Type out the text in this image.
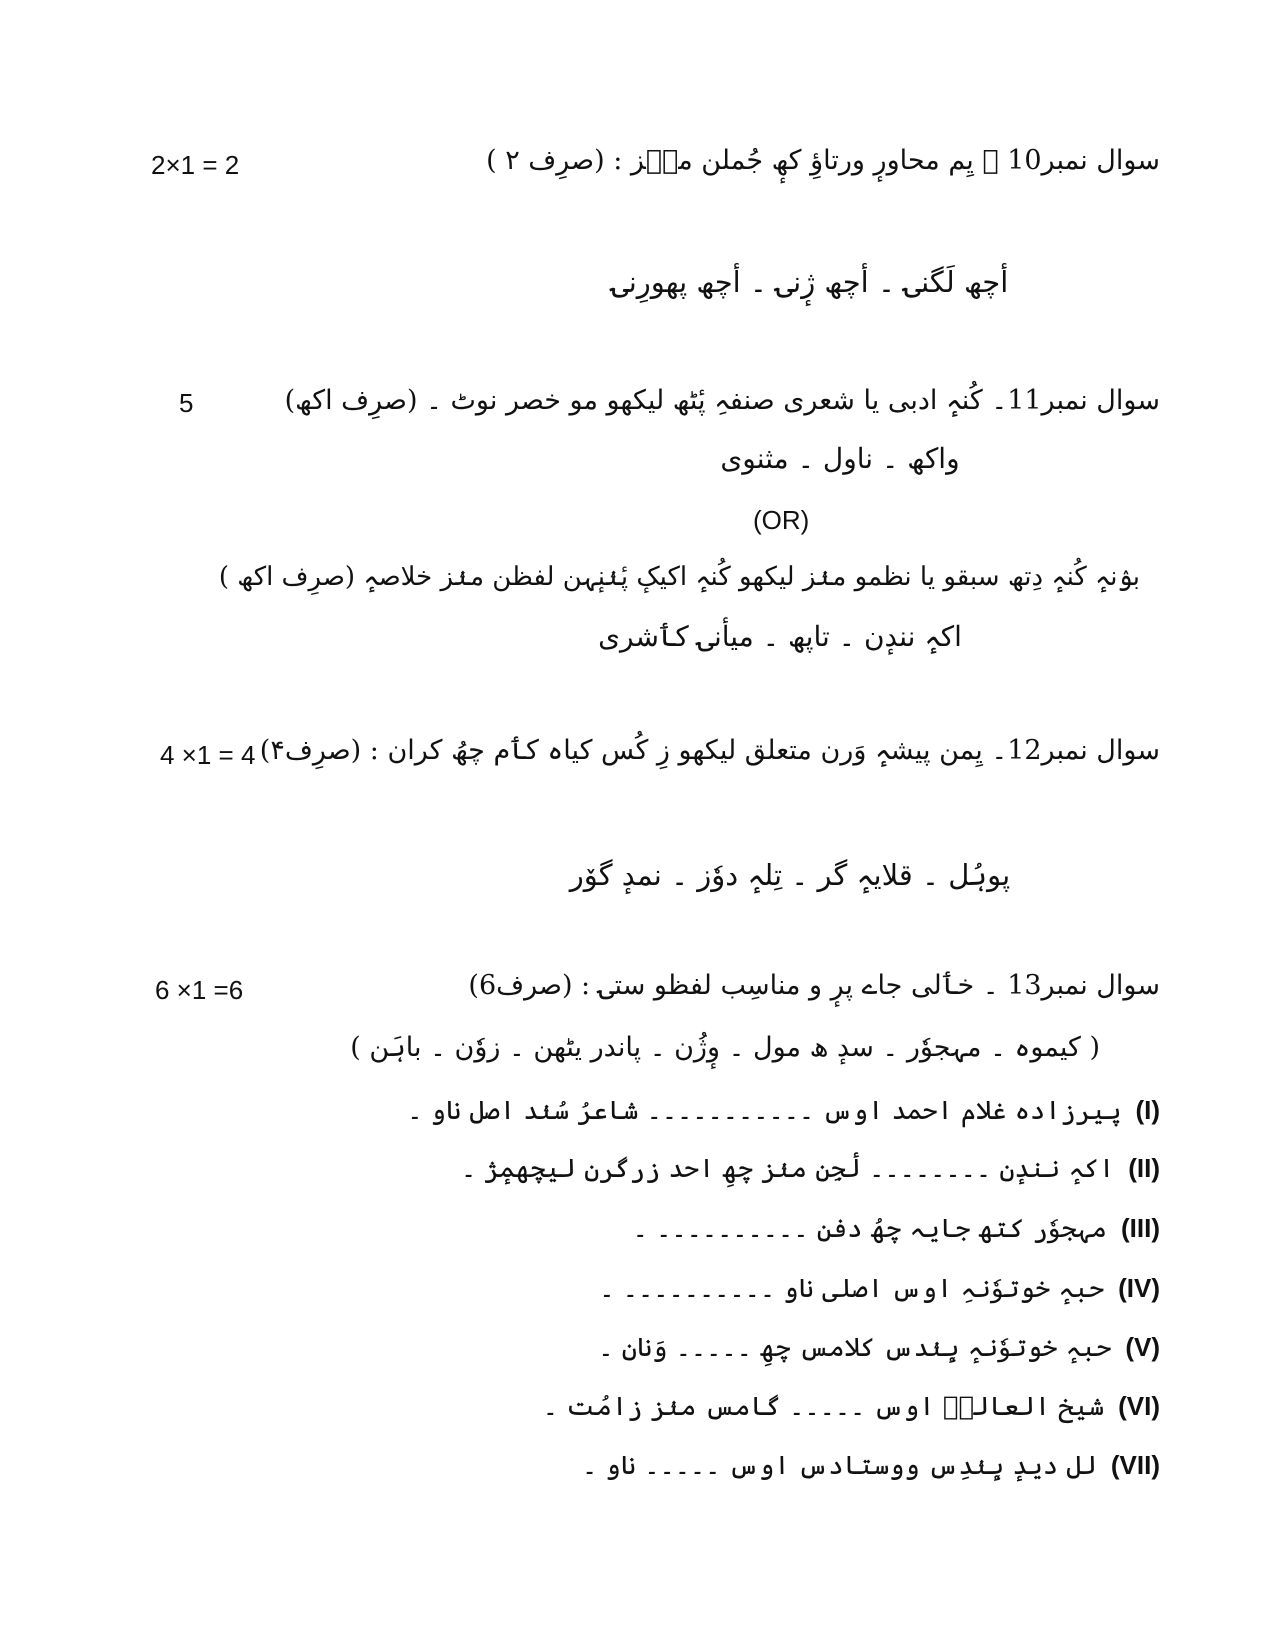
سوال نمبر10 ۔ یِم محاورٕ ورتاؤِ کھٕ جُملن منٛز : (صرِف ۲ )
2×1 = 2
أچھ لَگنۍ ۔ أچھ ژٕنۍ ۔ أچھ پھورِنۍ
سوال نمبر11۔ کُنہٕ ادبی یا شعری صنفہِ پٔٹھ لیکھو مو خصر نوٹ ۔ (صرِف اکھ)
5
واکھ ۔ ناول ۔ مثنوی
(OR)
بوٛنہٕ کُنہٕ دِتھ سبقو یا نظمو منٛز لیکھو کُنہٕ اکیکٕ پٔنٛنٕہن لفظن منٛز خلاصہٕ (صرِف اکھ )
اکہٕ نندٕن ۔ تاپھ ۔ میأنۍ کٲشری
سوال نمبر12۔ یِمن پیشہٕ وَرن متعلق لیکھو زِ کُس کیاہ کٲم چھُ کران : (صرِف۴)
4 ×1 = 4
پوہُل ۔ قلایہٕ گر ۔ تِلہٕ دوٗز ۔ نمدٕ گوٚر
سوال نمبر13 ۔ خٲلی جاے پرٕ و مناسِب لفظو ستۍ : (صرف6)
6 ×1 =6
( کیموہ ۔ مہجوٗر ۔ سدٕ ھ مول ۔ وٕژُن ۔ پاندر یٹھن ۔ زوٗن ۔ باہَن )
(I)پیرزادہ غلام احمد اوس ۔۔۔۔۔۔۔۔۔۔۔ شاعرُ سُنٛد اصل ناو ۔
(II)اکہٕ نندٕن ۔۔۔۔۔۔۔۔ لٔجِن منٛز چھِ احد زرگرن لیچھمٕژ ۔
(III)مہجوٗر کتھ جایہ چھُ دفن ۔۔۔۔۔۔۔۔۔۔ ۔
(IV)حبہٕ خوتوٗنہِ اوس اصلی ناو ۔۔۔۔۔۔۔۔۔۔ ۔
(V)حبہٕ خوتوٗنہٕ ہٕنٛدس کلامس چھِ ۔۔۔۔۔ وَنان ۔
(VI)شیخ العالمؒ اوس ۔۔۔۔۔ گامس منٛز زامُت ۔
(VII)لل دیدٕ ہٕنٛدِس ووستادس اوس ۔۔۔۔۔ ناو ۔
